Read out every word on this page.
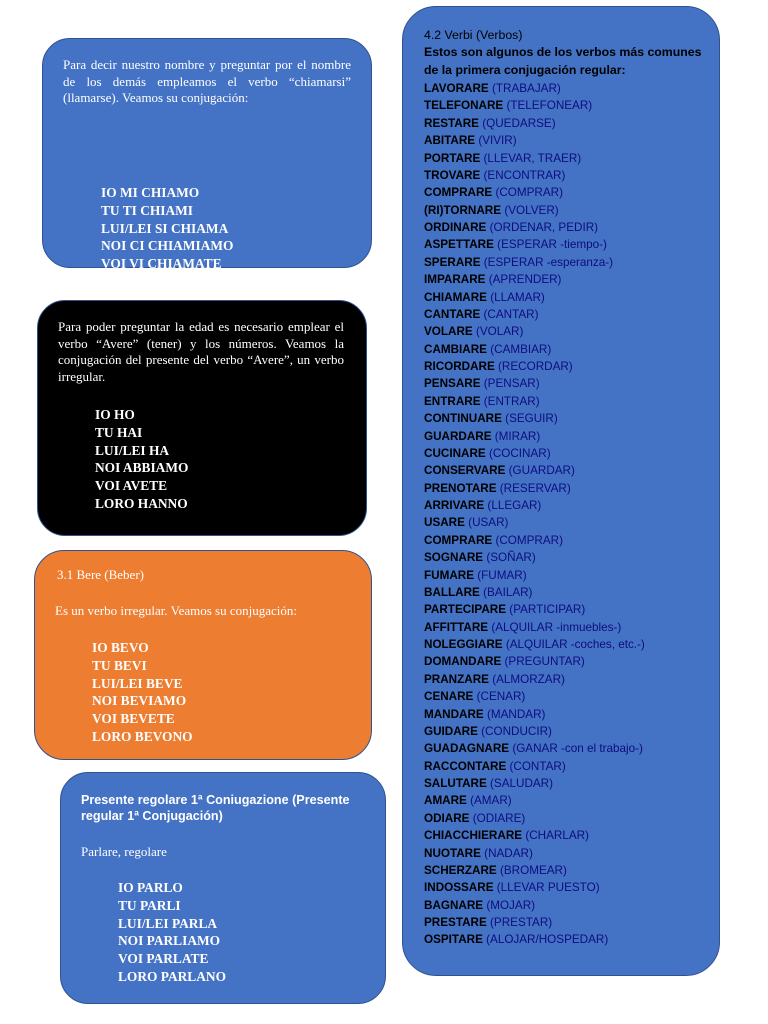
Para decir nuestro nombre y preguntar por el nombre de los demás empleamos el verbo “chiamarsi” (llamarse). Veamos su conjugación:

IO MI CHIAMO
TU TI CHIAMI
LUI/LEI SI CHIAMA
NOI CI CHIAMIAMO
VOI VI CHIAMATE
LORO SI CHIAMANO

Para poder preguntar la edad es necesario emplear el verbo “Avere” (tener) y los números. Veamos la conjugación del presente del verbo “Avere”, un verbo irregular.

IO HO
TU HAI
LUI/LEI HA
NOI ABBIAMO
VOI AVETE
LORO HANNO

3.1 Bere (Beber)

Es un verbo irregular. Veamos su conjugación:

IO BEVO
TU BEVI
LUI/LEI BEVE
NOI BEVIAMO
VOI BEVETE
LORO BEVONO

Presente regolare 1ª Coniugazione (Presente regular 1ª Conjugación)

Parlare, regolare

IO PARLO
TU PARLI
LUI/LEI PARLA
NOI PARLIAMO
VOI PARLATE
LORO PARLANO

4.2 Verbi (Verbos)
Estos son algunos de los verbos más comunes de la primera conjugación regular:

LAVORARE (TRABAJAR)
TELEFONARE (TELEFONEAR)
RESTARE (QUEDARSE)
ABITARE (VIVIR)
PORTARE (LLEVAR, TRAER)
TROVARE (ENCONTRAR)
COMPRARE (COMPRAR)
(RI)TORNARE (VOLVER)
ORDINARE (ORDENAR, PEDIR)
ASPETTARE (ESPERAR -tiempo-)
SPERARE (ESPERAR -esperanza-)
IMPARARE (APRENDER)
CHIAMARE (LLAMAR)
CANTARE (CANTAR)
VOLARE (VOLAR)
CAMBIARE (CAMBIAR)
RICORDARE (RECORDAR)
PENSARE (PENSAR)
ENTRARE (ENTRAR)
CONTINUARE (SEGUIR)
GUARDARE (MIRAR)
CUCINARE (COCINAR)
CONSERVARE (GUARDAR)
PRENOTARE (RESERVAR)
ARRIVARE (LLEGAR)
USARE (USAR)
COMPRARE (COMPRAR)
SOGNARE (SOÑAR)
FUMARE (FUMAR)
BALLARE (BAILAR)
PARTECIPARE (PARTICIPAR)
AFFITTARE (ALQUILAR -inmuebles-)
NOLEGGIARE (ALQUILAR -coches, etc.-)
DOMANDARE (PREGUNTAR)
PRANZARE (ALMORZAR)
CENARE (CENAR)
MANDARE (MANDAR)
GUIDARE (CONDUCIR)
GUADAGNARE (GANAR -con el trabajo-)
RACCONTARE (CONTAR)
SALUTARE (SALUDAR)
AMARE (AMAR)
ODIARE (ODIARE)
CHIACCHIERARE (CHARLAR)
NUOTARE (NADAR)
SCHERZARE (BROMEAR)
INDOSSARE (LLEVAR PUESTO)
BAGNARE (MOJAR)
PRESTARE (PRESTAR)
OSPITARE (ALOJAR/HOSPEDAR)
